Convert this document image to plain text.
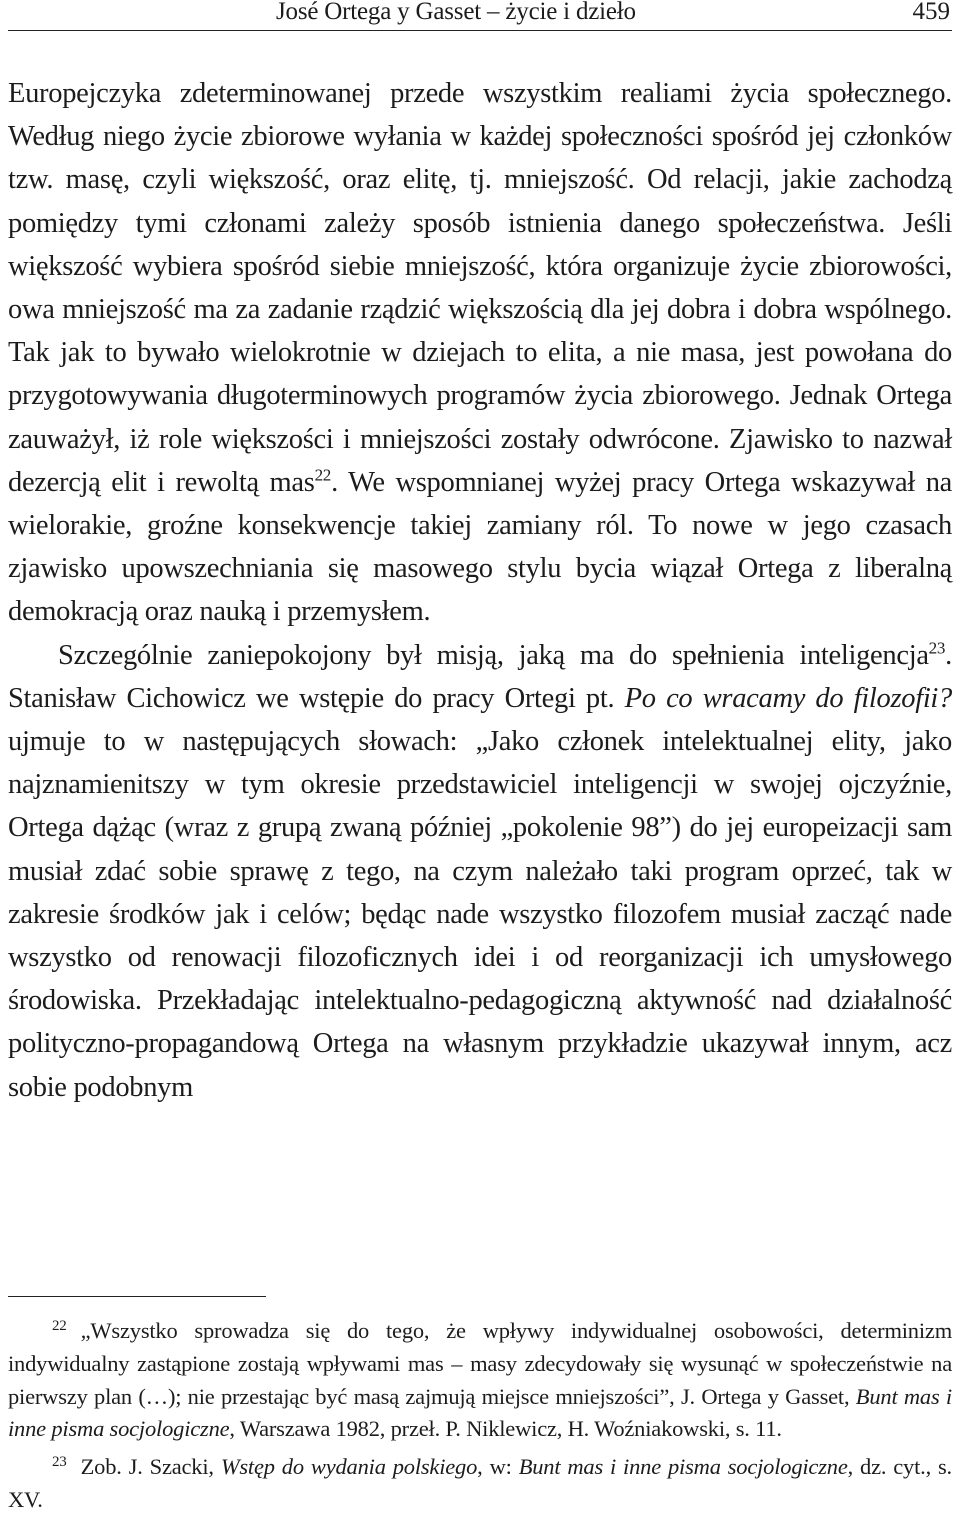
José Ortega y Gasset – życie i dzieło	459

Europejczyka zdeterminowanej przede wszystkim realiami życia społecznego. Według niego życie zbiorowe wyłania w każdej społeczności spośród jej członków tzw. masę, czyli większość, oraz elitę, tj. mniejszość. Od relacji, jakie zachodzą pomiędzy tymi członami zależy sposób istnienia danego społeczeństwa. Jeśli większość wybiera spośród siebie mniejszość, która organizuje życie zbiorowości, owa mniejszość ma za zadanie rządzić większością dla jej dobra i dobra wspólnego. Tak jak to bywało wielokrotnie w dziejach to elita, a nie masa, jest powołana do przygotowywania długoterminowych programów życia zbiorowego. Jednak Ortega zauważył, iż role większości i mniejszości zostały odwrócone. Zjawisko to nazwał dezercją elit i rewoltą mas$^{22}$. We wspomnianej wyżej pracy Ortega wskazywał na wielorakie, groźne konsekwencje takiej zamiany ról. To nowe w jego czasach zjawisko upowszechniania się masowego stylu bycia wiązał Ortega z liberalną demokracją oraz nauką i przemysłem.

Szczególnie zaniepokojony był misją, jaką ma do spełnienia inteligencja$^{23}$. Stanisław Cichowicz we wstępie do pracy Ortegi pt. Po co wracamy do filozofii? ujmuje to w następujących słowach: „Jako członek intelektualnej elity, jako najznamienitszy w tym okresie przedstawiciel inteligencji w swojej ojczyźnie, Ortega dążąc (wraz z grupą zwaną później „pokolenie 98”) do jej europeizacji sam musiał zdać sobie sprawę z tego, na czym należało taki program oprzeć, tak w zakresie środków jak i celów; będąc nade wszystko filozofem musiał zacząć nade wszystko od renowacji filozoficznych idei i od reorganizacji ich umysłowego środowiska. Przekładając intelektualno-pedagogiczną aktywność nad działalność polityczno-propagandową Ortega na własnym przykładzie ukazywał innym, acz sobie podobnym

22 „Wszystko sprowadza się do tego, że wpływy indywidualnej osobowości, determinizm indywidualny zastąpione zostają wpływami mas – masy zdecydowały się wysunąć w społeczeństwie na pierwszy plan (…); nie przestając być masą zajmują miejsce mniejszości”, J. Ortega y Gasset, Bunt mas i inne pisma socjologiczne, Warszawa 1982, przeł. P. Niklewicz, H. Woźniakowski, s. 11.

23 Zob. J. Szacki, Wstęp do wydania polskiego, w: Bunt mas i inne pisma socjologiczne, dz. cyt., s. XV.
